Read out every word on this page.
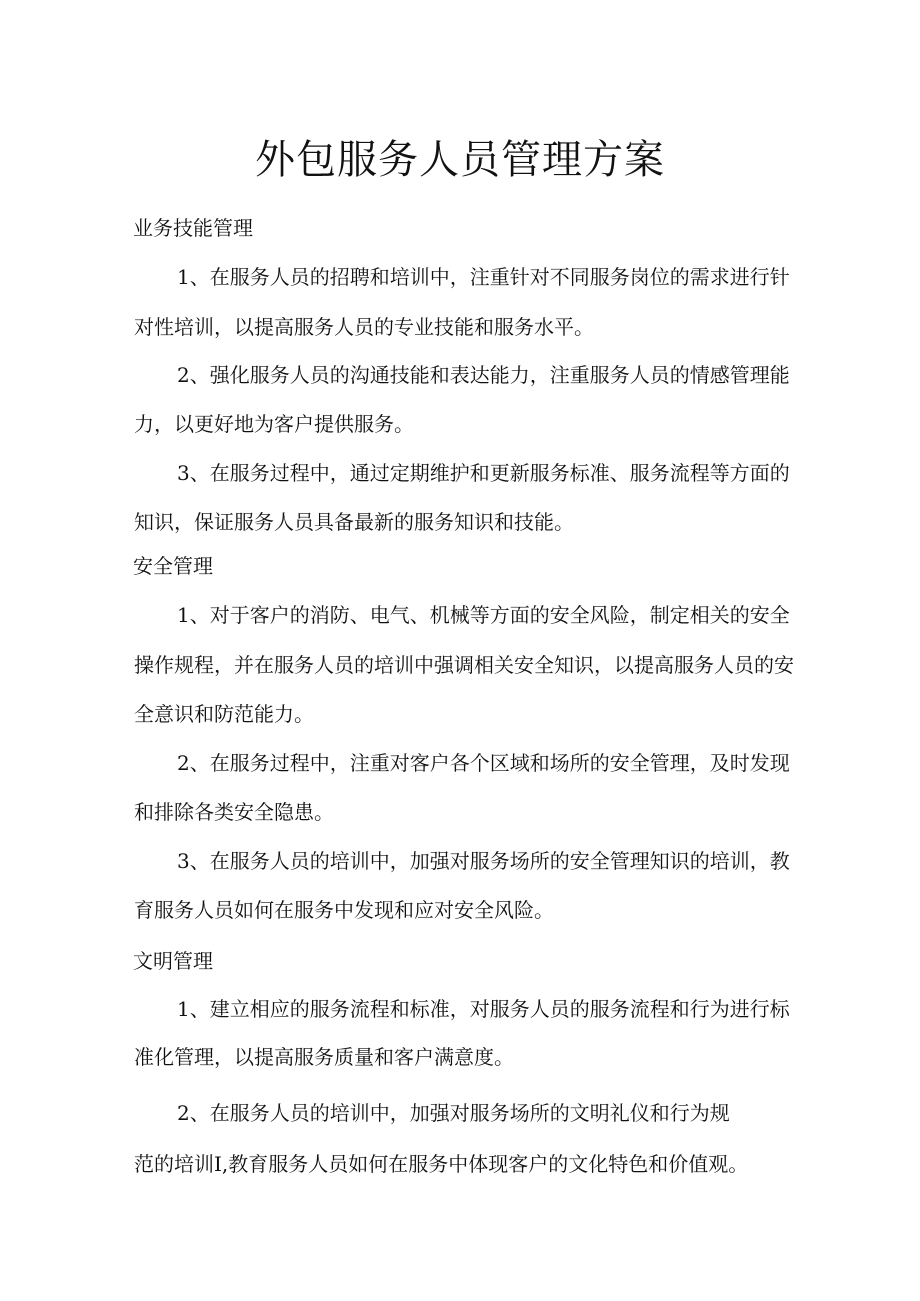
外包服务人员管理方案
业务技能管理
1、在服务人员的招聘和培训中，注重针对不同服务岗位的需求进行针
对性培训，以提高服务人员的专业技能和服务水平。
2、强化服务人员的沟通技能和表达能力，注重服务人员的情感管理能
力，以更好地为客户提供服务。
3、在服务过程中，通过定期维护和更新服务标准、服务流程等方面的
知识，保证服务人员具备最新的服务知识和技能。
安全管理
1、对于客户的消防、电气、机械等方面的安全风险，制定相关的安全
操作规程，并在服务人员的培训中强调相关安全知识，以提高服务人员的安
全意识和防范能力。
2、在服务过程中，注重对客户各个区域和场所的安全管理，及时发现
和排除各类安全隐患。
3、在服务人员的培训中，加强对服务场所的安全管理知识的培训，教
育服务人员如何在服务中发现和应对安全风险。
文明管理
1、建立相应的服务流程和标准，对服务人员的服务流程和行为进行标
准化管理，以提高服务质量和客户满意度。
2、在服务人员的培训中，加强对服务场所的文明礼仪和行为规
范的培训Ⅰ,教育服务人员如何在服务中体现客户的文化特色和价值观。
